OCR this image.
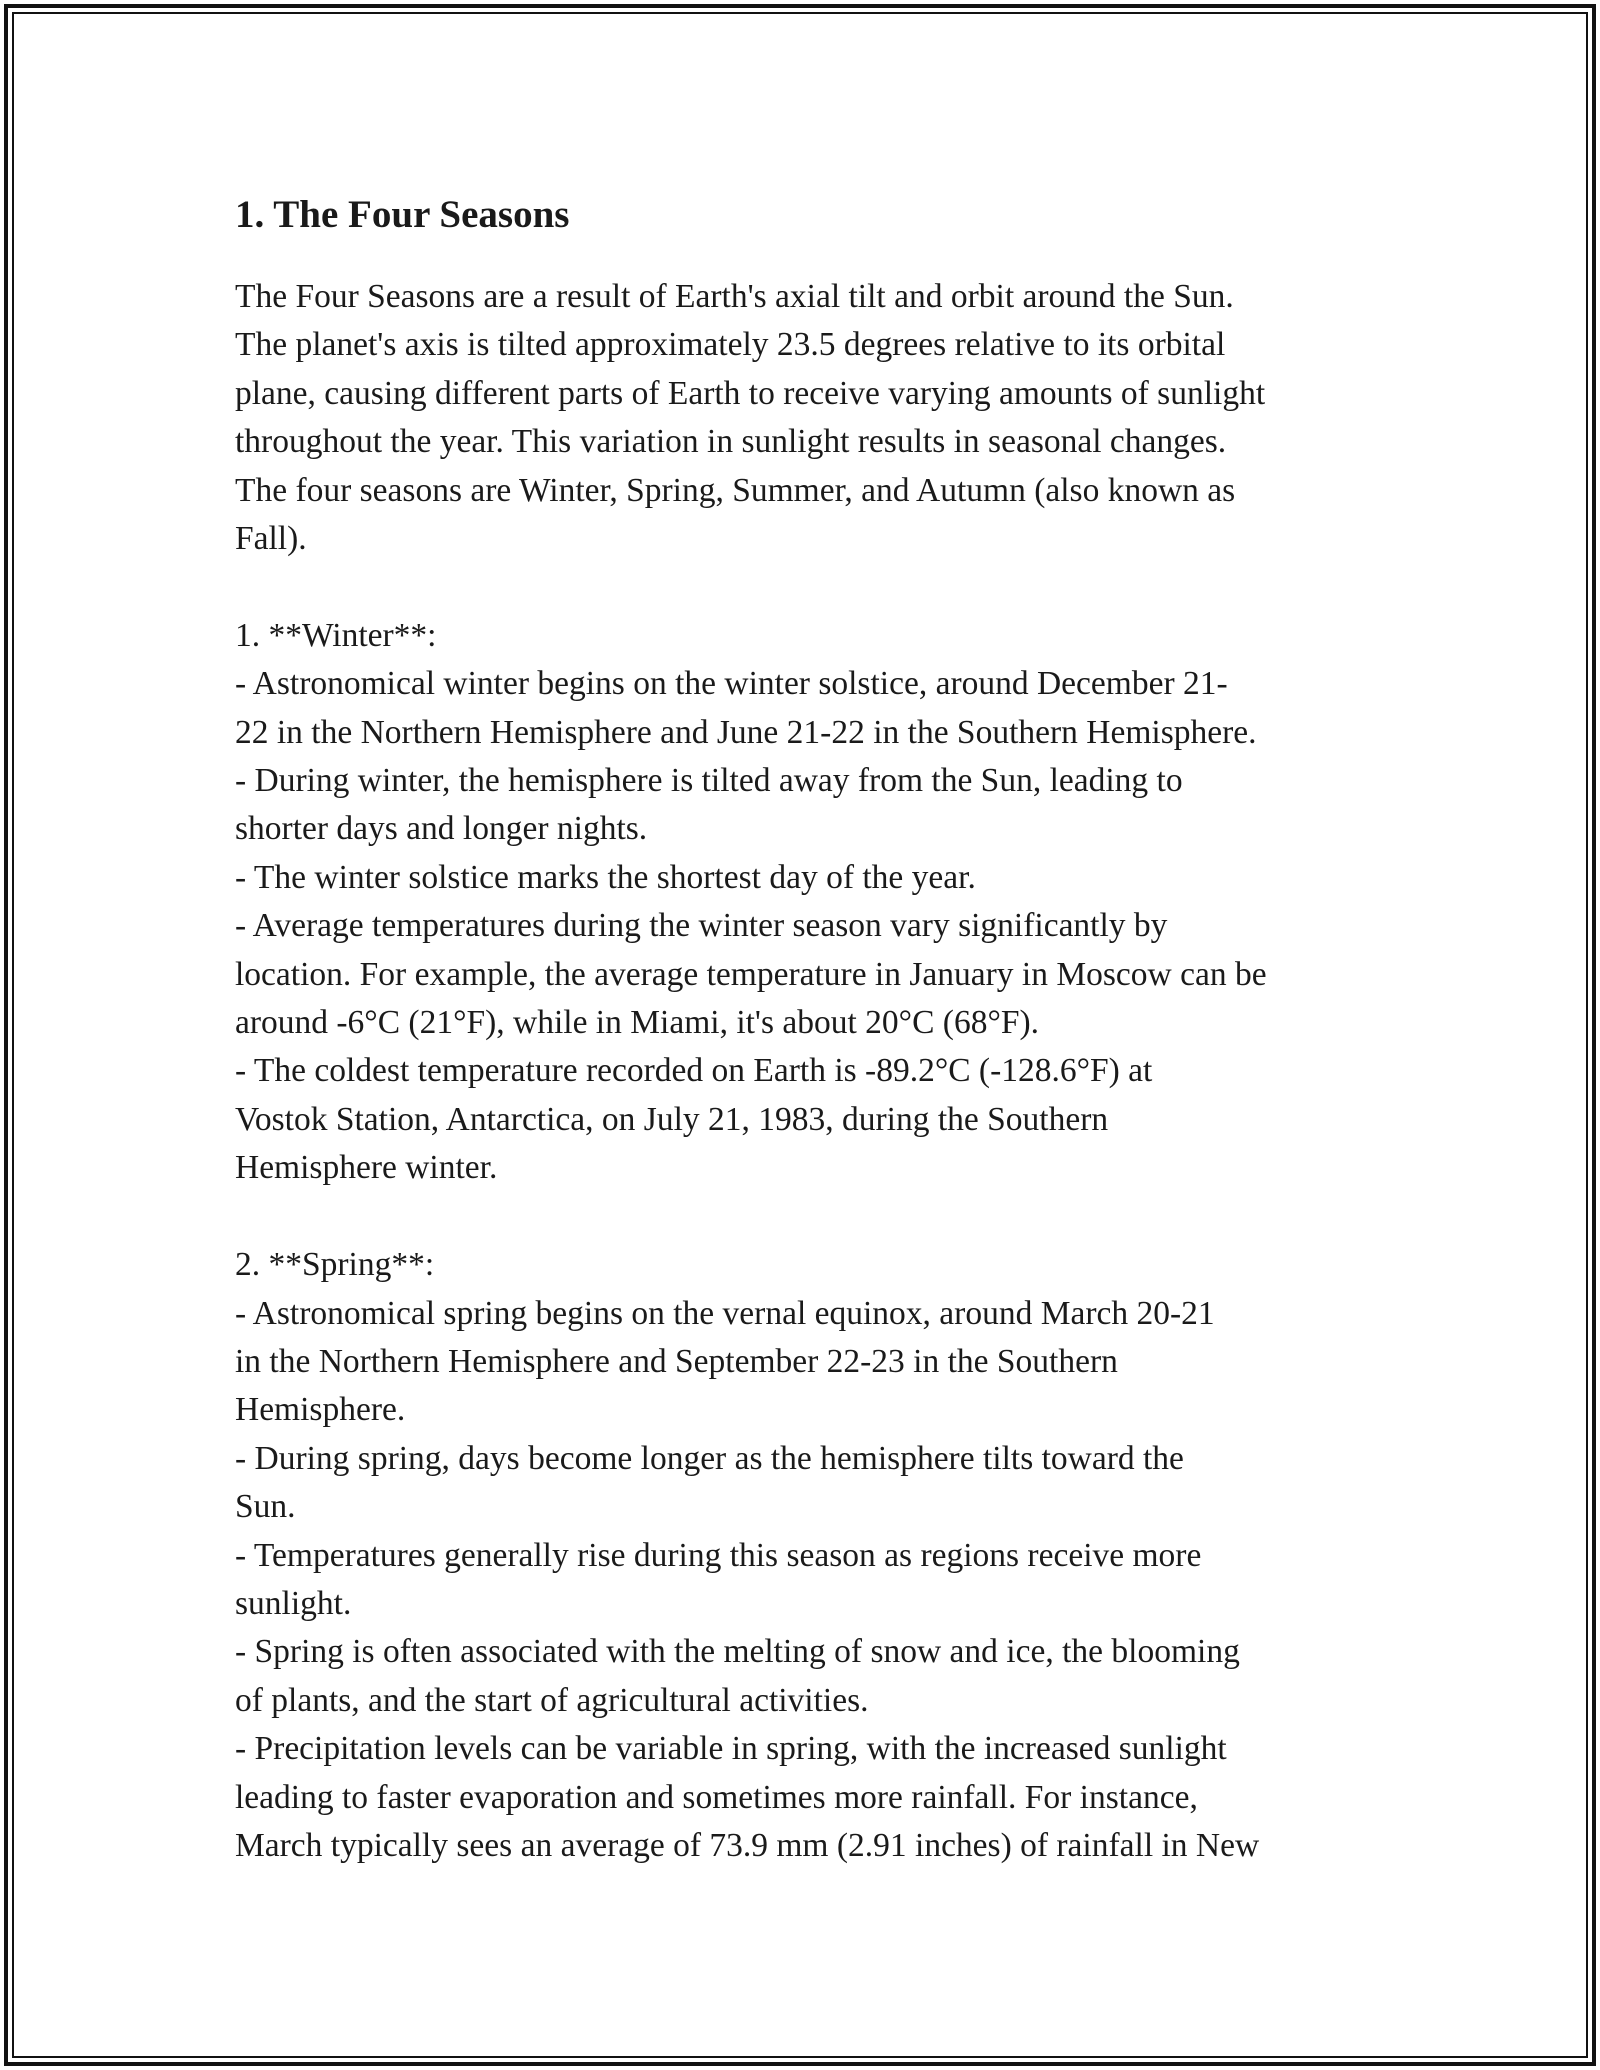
1. The Four Seasons

The Four Seasons are a result of Earth's axial tilt and orbit around the Sun.
The planet's axis is tilted approximately 23.5 degrees relative to its orbital
plane, causing different parts of Earth to receive varying amounts of sunlight
throughout the year. This variation in sunlight results in seasonal changes.
The four seasons are Winter, Spring, Summer, and Autumn (also known as
Fall).

1. **Winter**:

- Astronomical winter begins on the winter solstice, around December 21-
22 in the Northern Hemisphere and June 21-22 in the Southern Hemisphere.

- During winter, the hemisphere is tilted away from the Sun, leading to
shorter days and longer nights.

- The winter solstice marks the shortest day of the year.

- Average temperatures during the winter season vary significantly by
location. For example, the average temperature in January in Moscow can be
around -6°C (21°F), while in Miami, it's about 20°C (68°F).

- The coldest temperature recorded on Earth is -89.2°C (-128.6°F) at
Vostok Station, Antarctica, on July 21, 1983, during the Southern
Hemisphere winter.

2. **Spring**:

- Astronomical spring begins on the vernal equinox, around March 20-21
in the Northern Hemisphere and September 22-23 in the Southern
Hemisphere.

- During spring, days become longer as the hemisphere tilts toward the
Sun.

- Temperatures generally rise during this season as regions receive more
sunlight.

- Spring is often associated with the melting of snow and ice, the blooming
of plants, and the start of agricultural activities.

- Precipitation levels can be variable in spring, with the increased sunlight
leading to faster evaporation and sometimes more rainfall. For instance,
March typically sees an average of 73.9 mm (2.91 inches) of rainfall in New
